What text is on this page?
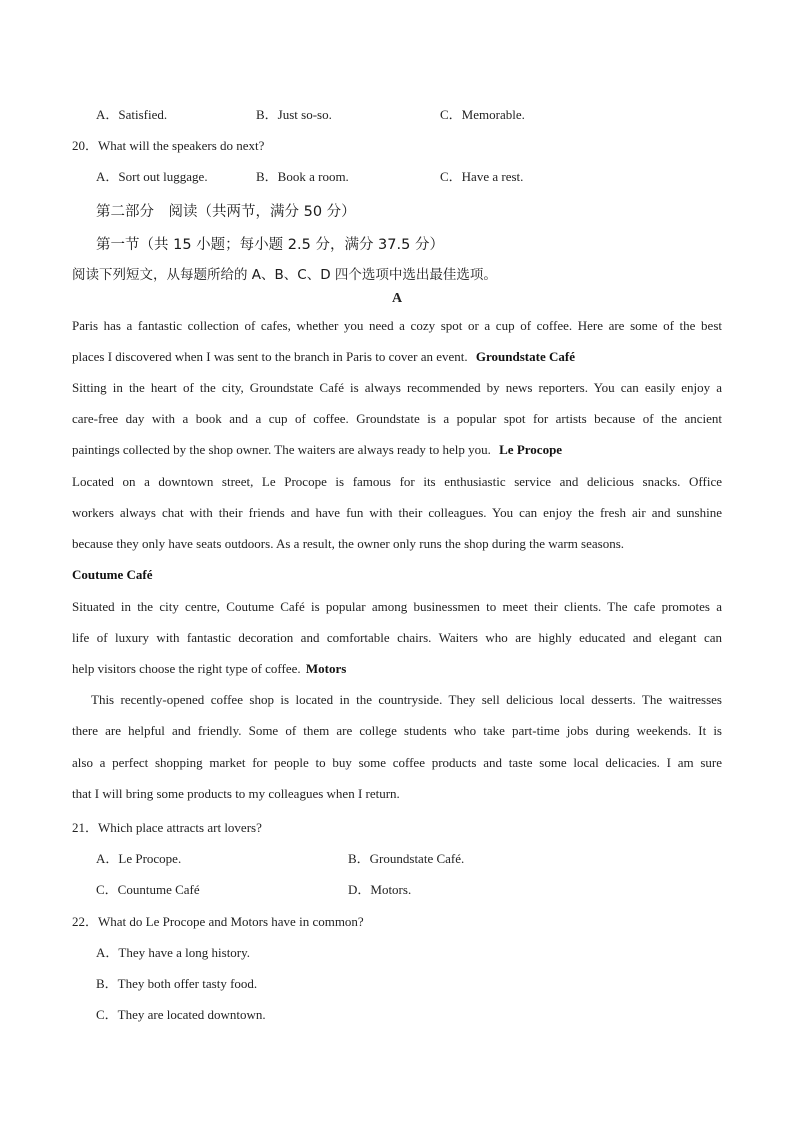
A．Satisfied.	B．Just so-so.	C．Memorable.
20．What will the speakers do next?
A．Sort out luggage.	B．Book a room.	C．Have a rest.
第二部分　阅读（共两节，满分 50 分）
第一节（共 15 小题；每小题 2.5 分，满分 37.5 分）
阅读下列短文，从每题所给的 A、B、C、D 四个选项中选出最佳选项。
A
Paris has a fantastic collection of cafes, whether you need a cozy spot or a cup of coffee. Here are some of the best
places I discovered when I was sent to the branch in Paris to cover an event. Groundstate Café
Sitting in the heart of the city, Groundstate Café is always recommended by news reporters. You can easily enjoy a
care-free day with a book and a cup of coffee. Groundstate is a popular spot for artists because of the ancient
paintings collected by the shop owner. The waiters are always ready to help you. Le Procope
Located on a downtown street, Le Procope is famous for its enthusiastic service and delicious snacks. Office
workers always chat with their friends and have fun with their colleagues. You can enjoy the fresh air and sunshine
because they only have seats outdoors. As a result, the owner only runs the shop during the warm seasons.
Coutume Café
Situated in the city centre, Coutume Café is popular among businessmen to meet their clients. The cafe promotes a
life of luxury with fantastic decoration and comfortable chairs. Waiters who are highly educated and elegant can
help visitors choose the right type of coffee. Motors
This recently-opened coffee shop is located in the countryside. They sell delicious local desserts. The waitresses
there are helpful and friendly. Some of them are college students who take part-time jobs during weekends. It is
also a perfect shopping market for people to buy some coffee products and taste some local delicacies. I am sure
that I will bring some products to my colleagues when I return.
21．Which place attracts art lovers?
A．Le Procope.	B．Groundstate Café.
C．Countume Café	D．Motors.
22．What do Le Procope and Motors have in common?
A．They have a long history.
B．They both offer tasty food.
C．They are located downtown.
